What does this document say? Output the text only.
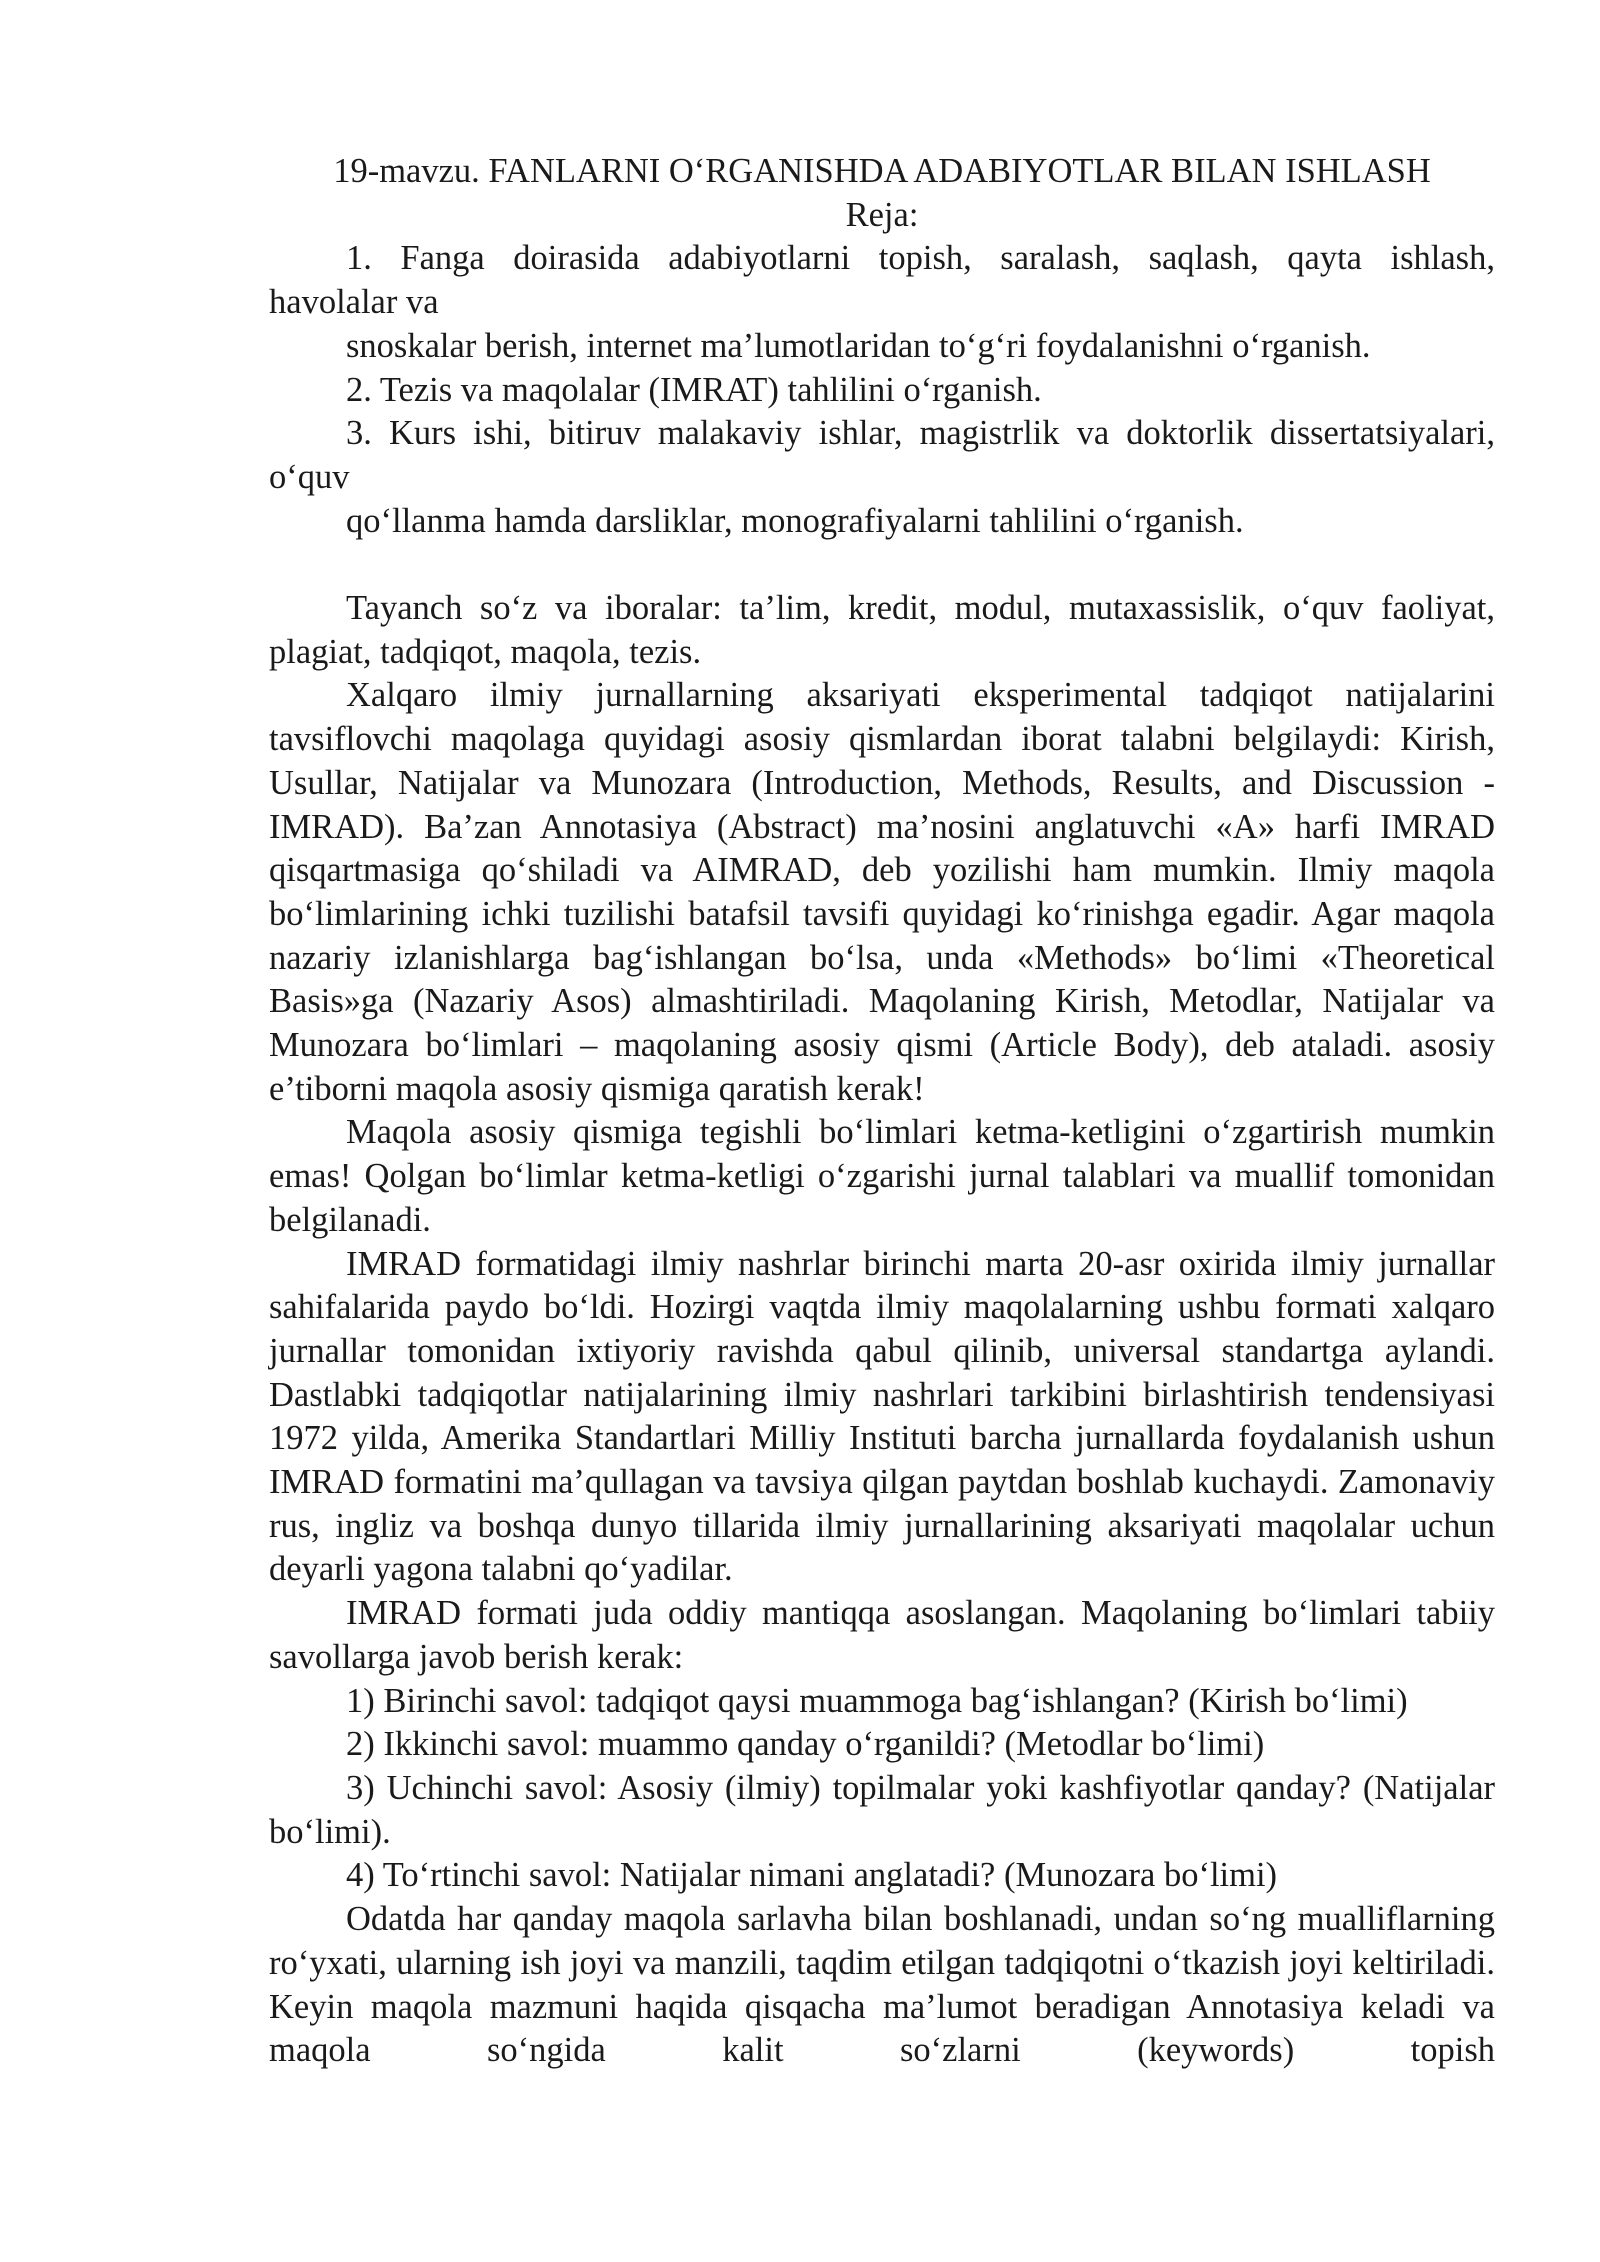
19-mavzu. FANLARNI O‘RGANISHDA ADABIYOTLAR BILAN ISHLASH

Reja:

1. Fanga doirasida adabiyotlarni topish, saralash, saqlash, qayta ishlash,

havolalar va

snoskalar berish, internet ma’lumotlaridan to‘g‘ri foydalanishni o‘rganish.

2. Tezis va maqolalar (IMRAT) tahlilini o‘rganish.

3. Kurs ishi, bitiruv malakaviy ishlar, magistrlik va doktorlik dissertatsiyalari,

o‘quv

qo‘llanma hamda darsliklar, monografiyalarni tahlilini o‘rganish.

Tayanch so‘z va iboralar: ta’lim, kredit, modul, mutaxassislik, o‘quv faoliyat, plagiat, tadqiqot, maqola, tezis.

Xalqaro ilmiy jurnallarning aksariyati eksperimental tadqiqot natijalarini tavsiflovchi maqolaga quyidagi asosiy qismlardan iborat talabni belgilaydi: Kirish, Usullar, Natijalar va Munozara (Introduction, Methods, Results, and Discussion - IMRAD). Ba’zan Annotasiya (Abstract) ma’nosini anglatuvchi «A» harfi IMRAD qisqartmasiga qo‘shiladi va AIMRAD, deb yozilishi ham mumkin. Ilmiy maqola bo‘limlarining ichki tuzilishi batafsil tavsifi quyidagi ko‘rinishga egadir. Agar maqola nazariy izlanishlarga bag‘ishlangan bo‘lsa, unda «Methods» bo‘limi «Theoretical Basis»ga (Nazariy Asos) almashtiriladi. Maqolaning Kirish, Metodlar, Natijalar va Munozara bo‘limlari – maqolaning asosiy qismi (Article Body), deb ataladi. asosiy e’tiborni maqola asosiy qismiga qaratish kerak!

Maqola asosiy qismiga tegishli bo‘limlari ketma-ketligini o‘zgartirish mumkin emas! Qolgan bo‘limlar ketma-ketligi o‘zgarishi jurnal talablari va muallif tomonidan belgilanadi.

IMRAD formatidagi ilmiy nashrlar birinchi marta 20-asr oxirida ilmiy jurnallar sahifalarida paydo bo‘ldi. Hozirgi vaqtda ilmiy maqolalarning ushbu formati xalqaro jurnallar tomonidan ixtiyoriy ravishda qabul qilinib, universal standartga aylandi. Dastlabki tadqiqotlar natijalarining ilmiy nashrlari tarkibini birlashtirish tendensiyasi 1972 yilda, Amerika Standartlari Milliy Instituti barcha jurnallarda foydalanish ushun IMRAD formatini ma’qullagan va tavsiya qilgan paytdan boshlab kuchaydi. Zamonaviy rus, ingliz va boshqa dunyo tillarida ilmiy jurnallarining aksariyati maqolalar uchun deyarli yagona talabni qo‘yadilar.

IMRAD formati juda oddiy mantiqqa asoslangan. Maqolaning bo‘limlari tabiiy savollarga javob berish kerak:

1) Birinchi savol: tadqiqot qaysi muammoga bag‘ishlangan? (Kirish bo‘limi)

2) Ikkinchi savol: muammo qanday o‘rganildi? (Metodlar bo‘limi)

3) Uchinchi savol: Asosiy (ilmiy) topilmalar yoki kashfiyotlar qanday? (Natijalar bo‘limi).

4) To‘rtinchi savol: Natijalar nimani anglatadi? (Munozara bo‘limi)

Odatda har qanday maqola sarlavha bilan boshlanadi, undan so‘ng mualliflarning ro‘yxati, ularning ish joyi va manzili, taqdim etilgan tadqiqotni o‘tkazish joyi keltiriladi. Keyin maqola mazmuni haqida qisqacha ma’lumot beradigan Annotasiya keladi va maqola so‘ngida kalit so‘zlarni (keywords) topish
